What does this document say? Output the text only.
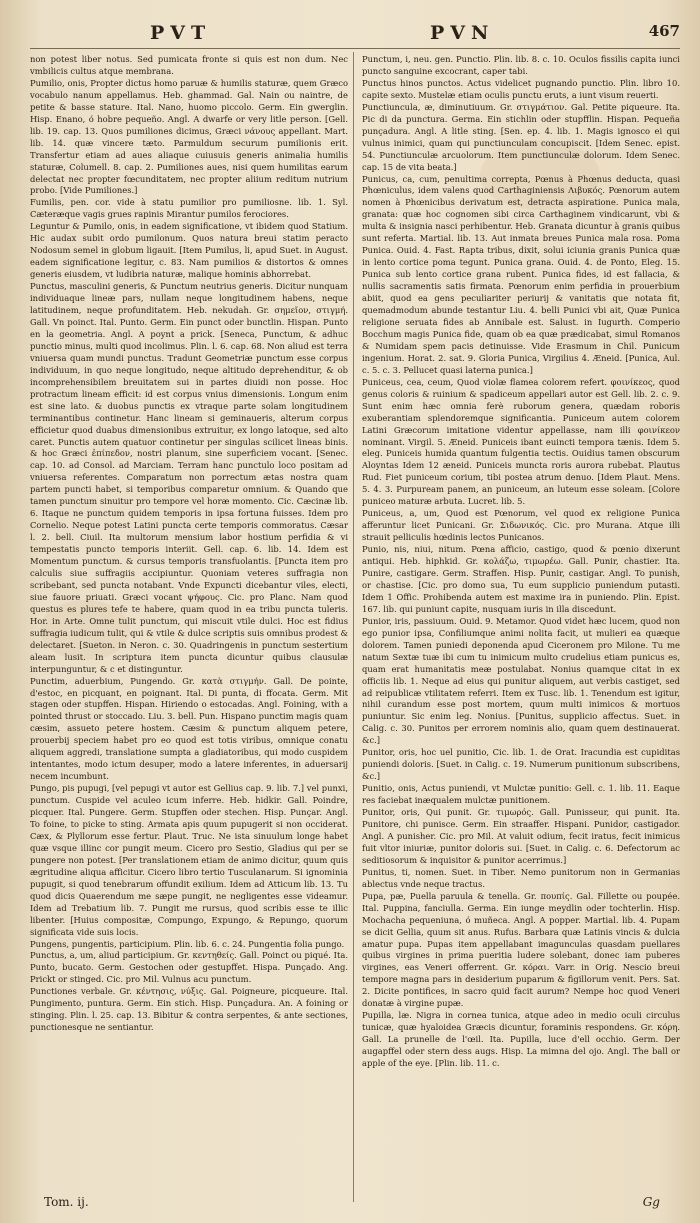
PVT	PVN	467

non potest liber notus. Sed pumicata fronte si quis est non dum. Nec vmbilicis cultus atque membrana.

Pumilio, onis, Propter dictus homo paruæ & humilis staturæ, quem Græco vocabulo nanum appellamus. Heb. ghammad. Gal. Nain ou naintre, de petite & basse stature. Ital. Nano, huomo piccolo. Germ. Ein gwerglin. Hisp. Enano, ó hobre pequeño. Angl. A dwarfe or very litle person. [Gell. lib. 19. cap. 13. Quos pumiliones dicimus, Græci νάνους appellant. Mart. lib. 14. quæ vincere tæto. Parmuldum securum pumilionis erit. Transfertur etiam ad aues aliaque cuiusuis generis animalia humilis staturæ, Columell. 8. cap. 2. Pumiliones aues, nisi quem humilitas earum delectat nec propter fœcunditatem, nec propter aliium reditum nutrium probo. [Vide Pumiliones.]

Fumilis, pen. cor. vide à statu pumilior pro pumiliosne. lib. 1. Syl. Cæteræque vagis grues rapinis Mirantur pumilos ferociores.

Leguntur & Pumilo, onis, in eadem significatione, vt ibidem quod Statium. Hic audax subit ordo pumilonum. Quos natura breui statim peracto Nodosum semel in globum ligauit. [Item Pumilus, li, apud Suet. in August. eadem significatione legitur, c. 83. Nam pumilios & distortos & omnes generis eiusdem, vt ludibria naturæ, malique hominis abhorrebat.

Punctus, masculini generis, & Punctum neutrius generis. Dicitur nunquam individuaque lineæ pars, nullam neque longitudinem habens, neque latitudinem, neque profunditatem. Heb. nekudah. Gr. σημεῖον, στιγμή. Gall. Vn poinct. Ital. Punto. Germ. Ein punct oder bunctlin. Hispan. Punto en la geometria. Angl. A poynt a prick. [Seneca, Punctum, & adhuc punctio minus, multi quod incolimus. Plin. l. 6. cap. 68. Non aliud est terra vniuersa quam mundi punctus. Tradunt Geometriæ punctum esse corpus individuum, in quo neque longitudo, neque altitudo deprehenditur, & ob incomprehensibilem breuitatem sui in partes diuidi non posse. Hoc protractum lineam efficit: id est corpus vnius dimensionis. Longum enim est sine lato. & duobus punctis ex vtraque parte solam longitudinem terminantibus continetur. Hanc lineam si geminaueris, alterum corpus efficietur quod duabus dimensionibus extruitur, ex longo latoque, sed alto caret. Punctis autem quatuor continetur per singulas scilicet lineas binis. & hoc Græci ἐπίπεδον, nostri planum, sine superficiem vocant. [Senec. cap. 10. ad Consol. ad Marciam. Terram hanc punctulo loco positam ad vniuersa referentes. Comparatum non porrectum ætas nostra quam partem puncti habet, si temporibus comparetur omnium. & Quando que tamen punctum sinuitur pro tempore vel horæ momento. Cic. Cæcinæ lib. 6. Itaque ne punctum quidem temporis in ipsa fortuna fuisses. Idem pro Cornelio. Neque potest Latini puncta certe temporis commoratus. Cæsar l. 2. bell. Ciuil. Ita multorum mensium labor hostium perfidia & vi tempestatis puncto temporis interiit. Gell. cap. 6. lib. 14. Idem est Momentum punctum. & cursus temporis transfuolantis. [Puncta item pro calculis siue suffragiis accipiuntur. Quoniam veteres suffragia non scribebant, sed puncta notabant. Vnde Expuncti dicebantur viles, electi, siue fauore priuati. Græci vocant ψήφους. Cic. pro Planc. Nam quod questus es plures tefe te habere, quam quod in ea tribu puncta tuleris. Hor. in Arte. Omne tulit punctum, qui miscuit vtile dulci. Hoc est fidius suffragia iudicum tulit, qui & vtile & dulce scriptis suis omnibus prodest & delectaret. [Sueton. in Neron. c. 30. Quadringenis in punctum sestertium aleam lusit. In scriptura item puncta dicuntur quibus clausulæ interpunguntur, & c et distinguntur.

Punctim, aduerbium, Pungendo. Gr. κατὰ στιγμήν. Gall. De pointe, d'estoc, en picquant, en poignant. Ital. Di punta, di ffocata. Germ. Mit stagen oder stupffen. Hispan. Hiriendo o estocadas. Angl. Foining, with a pointed thrust or stoccado. Liu. 3. bell. Pun. Hispano punctim magis quam cæsim, assueto petere hostem. Cæsim & punctum aliquem petere, prouerbij speciem habet pro eo quod est totis viribus, omnique conatu aliquem aggredi, translatione sumpta a gladiatoribus, qui modo cuspidem intentantes, modo ictum desuper, modo a latere inferentes, in aduersarij necem incumbunt.

Pungo, pis pupugi, [vel pepugi vt autor est Gellius cap. 9. lib. 7.] vel punxi, punctum. Cuspide vel aculeo icum inferre. Heb. hidkir. Gall. Poindre, picquer. Ital. Pungere. Germ. Stupffen oder stechen. Hisp. Punçar. Angl. To foine, to picke to sting. Armata apis quum pupugerit si non occiderat. Cæx, & Plyllorum esse fertur. Plaut. Truc. Ne ista sinuulum longe habet quæ vsque illinc cor pungit meum. Cicero pro Sestio, Gladius qui per se pungere non potest. [Per translationem etiam de animo dicitur, quum quis ægritudine aliqua afficitur. Cicero libro tertio Tusculanarum. Si ignominia pupugit, si quod tenebrarum offundit exilium. Idem ad Atticum lib. 13. Tu quod dicis Quaerendum me sæpe pungit, ne negligentes esse videamur. Idem ad Trebatium lib. 7. Pungit me rursus, quod scribis esse te illic libenter. [Huius compositæ, Compungo, Expungo, & Repungo, quorum significata vide suis locis.

Pungens, pungentis, participium. Plin. lib. 6. c. 24. Pungentia folia pungo.

Punctus, a, um, aliud participium. Gr. κεντηθείς. Gall. Poinct ou piqué. Ita. Punto, bucato. Germ. Gestochen oder gestupffet. Hispa. Punçado. Ang. Prickt or stinged. Cic. pro Mil. Vulnus acu punctum.

Punctiones verbale. Gr. κέντησις, νύξις. Gal. Poigneure, picqueure. Ital. Pungimento, puntura. Germ. Ein stich. Hisp. Punçadura. An. A foining or stinging. Plin. l. 25. cap. 13. Bibitur & contra serpentes, & ante sectiones, punctionesque ne sentiantur.

Punctum, i, neu. gen. Punctio. Plin. lib. 8. c. 10. Oculos fissilis capita iunci puncto sanguine excocrant, caper tabi.

Punctus hinos punctos. Actus videlicet pugnando punctio. Plin. libro 10. capite sexto. Mustelæ etiam oculis punctu eruts, a iunt visum reuerti.

Punctiuncula, æ, diminutiuum. Gr. στιγμάτιον. Gal. Petite piqueure. Ita. Pic di da punctura. Germa. Ein stichlin oder stupfflin. Hispan. Pequeña punçadura. Angl. A litle sting. [Sen. ep. 4. lib. 1. Magis ignosco ei qui vulnus inimici, quam qui punctiunculam concupiscit. [Idem Senec. epist. 54. Punctiunculæ arcuolorum. Item punctiunculæ dolorum. Idem Senec. cap. 15 de vita beata.]

Punicus, ca, cum, penultima correpta, Pœnus à Phœnus deducta, quasi Phœniculus, idem valens quod Carthaginiensis Λιβυκός. Pœnorum autem nomen à Phœnicibus derivatum est, detracta aspiratione. Punica mala, granata: quæ hoc cognomen sibi circa Carthaginem vindicarunt, vbi & multa & insignia nasci perhibentur. Heb. Granata dicuntur à granis quibus sunt referta. Martial. lib. 13. Aut inmata breues Punica mala rosa. Poma Punica. Ouid. 4. Fast. Rapta tribus, dixit, solui iciunia granis Punica quæ in lento cortice poma tegunt. Punica grana. Ouid. 4. de Ponto, Eleg. 15. Punica sub lento cortice grana rubent. Punica fides, id est fallacia, & nullis sacramentis satis firmata. Pœnorum enim perfidia in prouerbium abiit, quod ea gens peculiariter periurij & vanitatis que notata fit, quemadmodum abunde testantur Liu. 4. belli Punici vbi ait, Quæ Punica religione seruata fides ab Annibale est. Salust. in Iugurth. Comperio Bocchum magis Punica fide, quam ob ea quæ prædicabat, simul Romanos & Numidam spem pacis detinuisse. Vide Erasmum in Chil. Punicum ingenium. Horat. 2. sat. 9. Gloria Punica, Virgilius 4. Æneid. [Punica, Aul. c. 5. c. 3. Pellucet quasi laterna punica.]

Puniceus, cea, ceum, Quod violæ flamea colorem refert. φοινίκεος, quod genus coloris & ruinium & spadiceum appellari autor est Gell. lib. 2. c. 9. Sunt enim hæc omnia ferè ruborum genera, quædam roboris exuberantiam splendoremque significantia. Puniceum autem colorem Latini Græcorum imitatione videntur appellasse, nam illi φοινίκεον nominant. Virgil. 5. Æneid. Puniceis ibant euincti tempora tænis. Idem 5. eleg. Puniceis humida quantum fulgentia tectis. Ouidius tamen obscurum Aloyntas Idem 12 æneid. Puniceis muncta roris aurora rubebat. Plautus Rud. Fiet puniceum corium, tibi postea atrum denuo. [Idem Plaut. Mens. 5. 4. 3. Purpuream panem, an puniceum, an luteum esse soleam. [Colore puniceo maturæ arbuta. Lucret. lib. 5.

Puniceus, a, um, Quod est Pœnorum, vel quod ex religione Punica afferuntur licet Punicani. Gr. Σιδωνικός. Cic. pro Murana. Atque illi strauit pelliculis hœdinis lectos Punicanos.

Punio, nis, niui, nitum. Pœna afficio, castigo, quod & pœnio dixerunt antiqui. Heb. hiphkid. Gr. κολάζω, τιμωρέω. Gall. Punir, chastier. Ita. Punire, castigare. Germ. Straffen. Hisp. Punir, castigar. Angl. To punish, or chastise. [Cic. pro domo sua, Tu eum supplicio puniendum putasti. Idem 1 Offic. Prohibenda autem est maxime ira in puniendo. Plin. Epist. 167. lib. qui puniunt capite, nusquam iuris in illa discedunt.

Punior, iris, passiuum. Ouid. 9. Metamor. Quod videt hæc lucem, quod non ego punior ipsa, Confiliumque animi nolita facit, ut mulieri ea quæque dolorem. Tamen puniedi deponenda apud Ciceronem pro Milone. Tu me natum Sextæ tuæ ibi cum tu inimicum multo crudelius etiam punicus es, quam erat humanitatis meæ postulabat. Nonius quamque citat in ex officiis lib. 1. Neque ad eius qui punitur aliquem, aut verbis castiget, sed ad reipublicæ vtilitatem referri. Item ex Tusc. lib. 1. Tenendum est igitur, nihil curandum esse post mortem, quum multi inimicos & mortuos puniuntur. Sic enim leg. Nonius. [Punitus, supplicio affectus. Suet. in Calig. c. 30. Punitos per errorem nominis alio, quam quem destinauerat. &c.]

Punitor, oris, hoc uel punitio, Cic. lib. 1. de Orat. Iracundia est cupiditas puniendi doloris. [Suet. in Calig. c. 19. Numerum punitionum subscribens, &c.]

Punitio, onis, Actus puniendi, vt Mulctæ punitio: Gell. c. 1. lib. 11. Eaque res faciebat inæqualem mulctæ punitionem.

Punitor, oris, Qui punit. Gr. τιμωρός. Gall. Punisseur, qui punit. Ita. Punitore, chi punisce. Germ. Ein straaffer. Hispani. Punidor, castigador. Angl. A punisher. Cic. pro Mil. At valuit odium, fecit iratus, fecit inimicus fuit vltor iniuriæ, punitor doloris sui. [Suet. in Calig. c. 6. Defectorum ac seditiosorum & inquisitor & punitor acerrimus.]

Punitus, ti, nomen. Suet. in Tiber. Nemo punitorum non in Germanias ablectus vnde neque tractus.

Pupa, pæ, Puella paruula & tenella. Gr. πουπίς. Gal. Fillette ou poupée. Ital. Puppina, fanciulla. Germa. Ein iunge meydlin oder tochterlin. Hisp. Mochacha pequeniuna, ó muñeca. Angl. A popper. Martial. lib. 4. Pupam se dicit Gellia, quum sit anus. Rufus. Barbara quæ Latinis vincis & dulcia amatur pupa. Pupas item appellabant imagunculas quasdam puellares quibus virgines in prima pueritia ludere solebant, donec iam puberes virgines, eas Veneri offerrent. Gr. κόραι. Varr. in Orig. Nescio breui tempore magna pars in desiderium puparum & figillorum venit. Pers. Sat. 2. Dicite pontifices, in sacro quid facit aurum? Nempe hoc quod Veneri donatæ à virgine pupæ.

Pupilla, læ. Nigra in cornea tunica, atque adeo in medio oculi circulus tunicæ, quæ hyaloidea Græcis dicuntur, foraminis respondens. Gr. κόρη. Gall. La prunelle de l'œil. Ita. Pupilla, luce d'ell occhio. Germ. Der augapffel oder stern dess augs. Hisp. La mimna del ojo. Angl. The ball or apple of the eye. [Plin. lib. 11. c.

Tom. ij.	Gg
